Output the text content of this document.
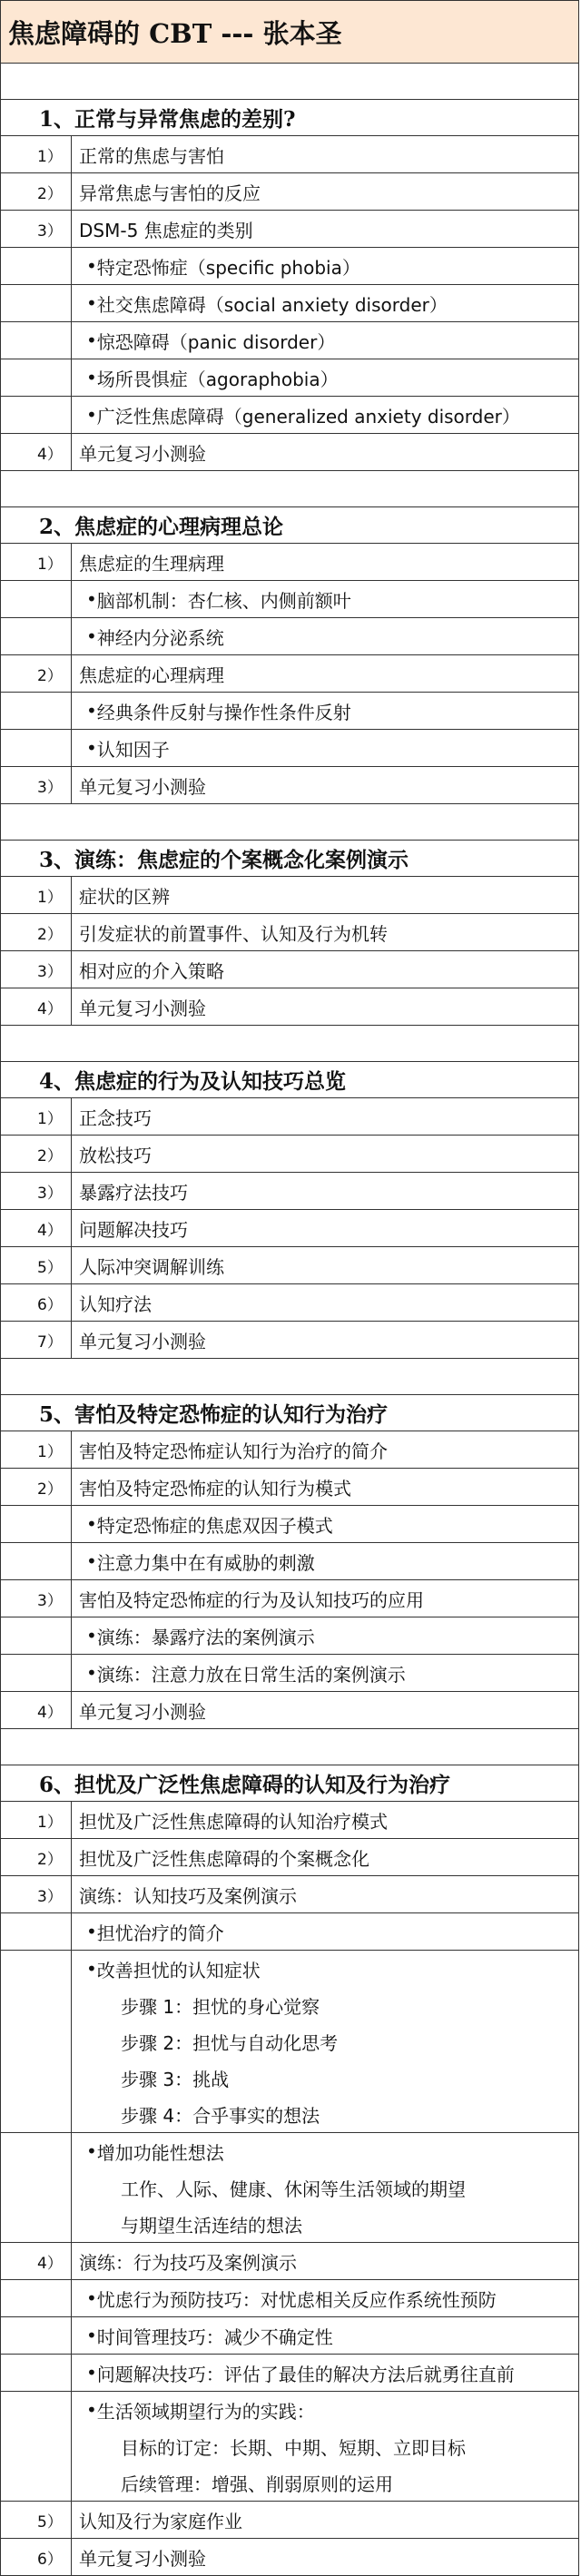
焦虑障碍的 CBT --- 张本圣
1、正常与异常焦虑的差别?
1） 正常的焦虑与害怕
2） 异常焦虑与害怕的反应
3） DSM-5 焦虑症的类别
• 特定恐怖症（specific phobia）
• 社交焦虑障碍（social anxiety disorder）
• 惊恐障碍（panic disorder）
• 场所畏惧症（agoraphobia）
• 广泛性焦虑障碍（generalized anxiety disorder）
4） 单元复习小测验
2、焦虑症的心理病理总论
1） 焦虑症的生理病理
• 脑部机制：杏仁核、内侧前额叶
• 神经内分泌系统
2） 焦虑症的心理病理
• 经典条件反射与操作性条件反射
• 认知因子
3） 单元复习小测验
3、演练：焦虑症的个案概念化案例演示
1） 症状的区辨
2） 引发症状的前置事件、认知及行为机转
3） 相对应的介入策略
4） 单元复习小测验
4、焦虑症的行为及认知技巧总览
1） 正念技巧
2） 放松技巧
3） 暴露疗法技巧
4） 问题解决技巧
5） 人际冲突调解训练
6） 认知疗法
7） 单元复习小测验
5、害怕及特定恐怖症的认知行为治疗
1） 害怕及特定恐怖症认知行为治疗的简介
2） 害怕及特定恐怖症的认知行为模式
• 特定恐怖症的焦虑双因子模式
• 注意力集中在有威胁的刺激
3） 害怕及特定恐怖症的行为及认知技巧的应用
• 演练：暴露疗法的案例演示
• 演练：注意力放在日常生活的案例演示
4） 单元复习小测验
6、担忧及广泛性焦虑障碍的认知及行为治疗
1） 担忧及广泛性焦虑障碍的认知治疗模式
2） 担忧及广泛性焦虑障碍的个案概念化
3） 演练：认知技巧及案例演示
• 担忧治疗的简介
• 改善担忧的认知症状
步骤 1：担忧的身心觉察
步骤 2：担忧与自动化思考
步骤 3：挑战
步骤 4：合乎事实的想法
• 增加功能性想法
工作、人际、健康、休闲等生活领域的期望
与期望生活连结的想法
4） 演练：行为技巧及案例演示
• 忧虑行为预防技巧：对忧虑相关反应作系统性预防
• 时间管理技巧：减少不确定性
• 问题解决技巧：评估了最佳的解决方法后就勇往直前
• 生活领域期望行为的实践：
目标的订定：长期、中期、短期、立即目标
后续管理：增强、削弱原则的运用
5） 认知及行为家庭作业
6） 单元复习小测验
